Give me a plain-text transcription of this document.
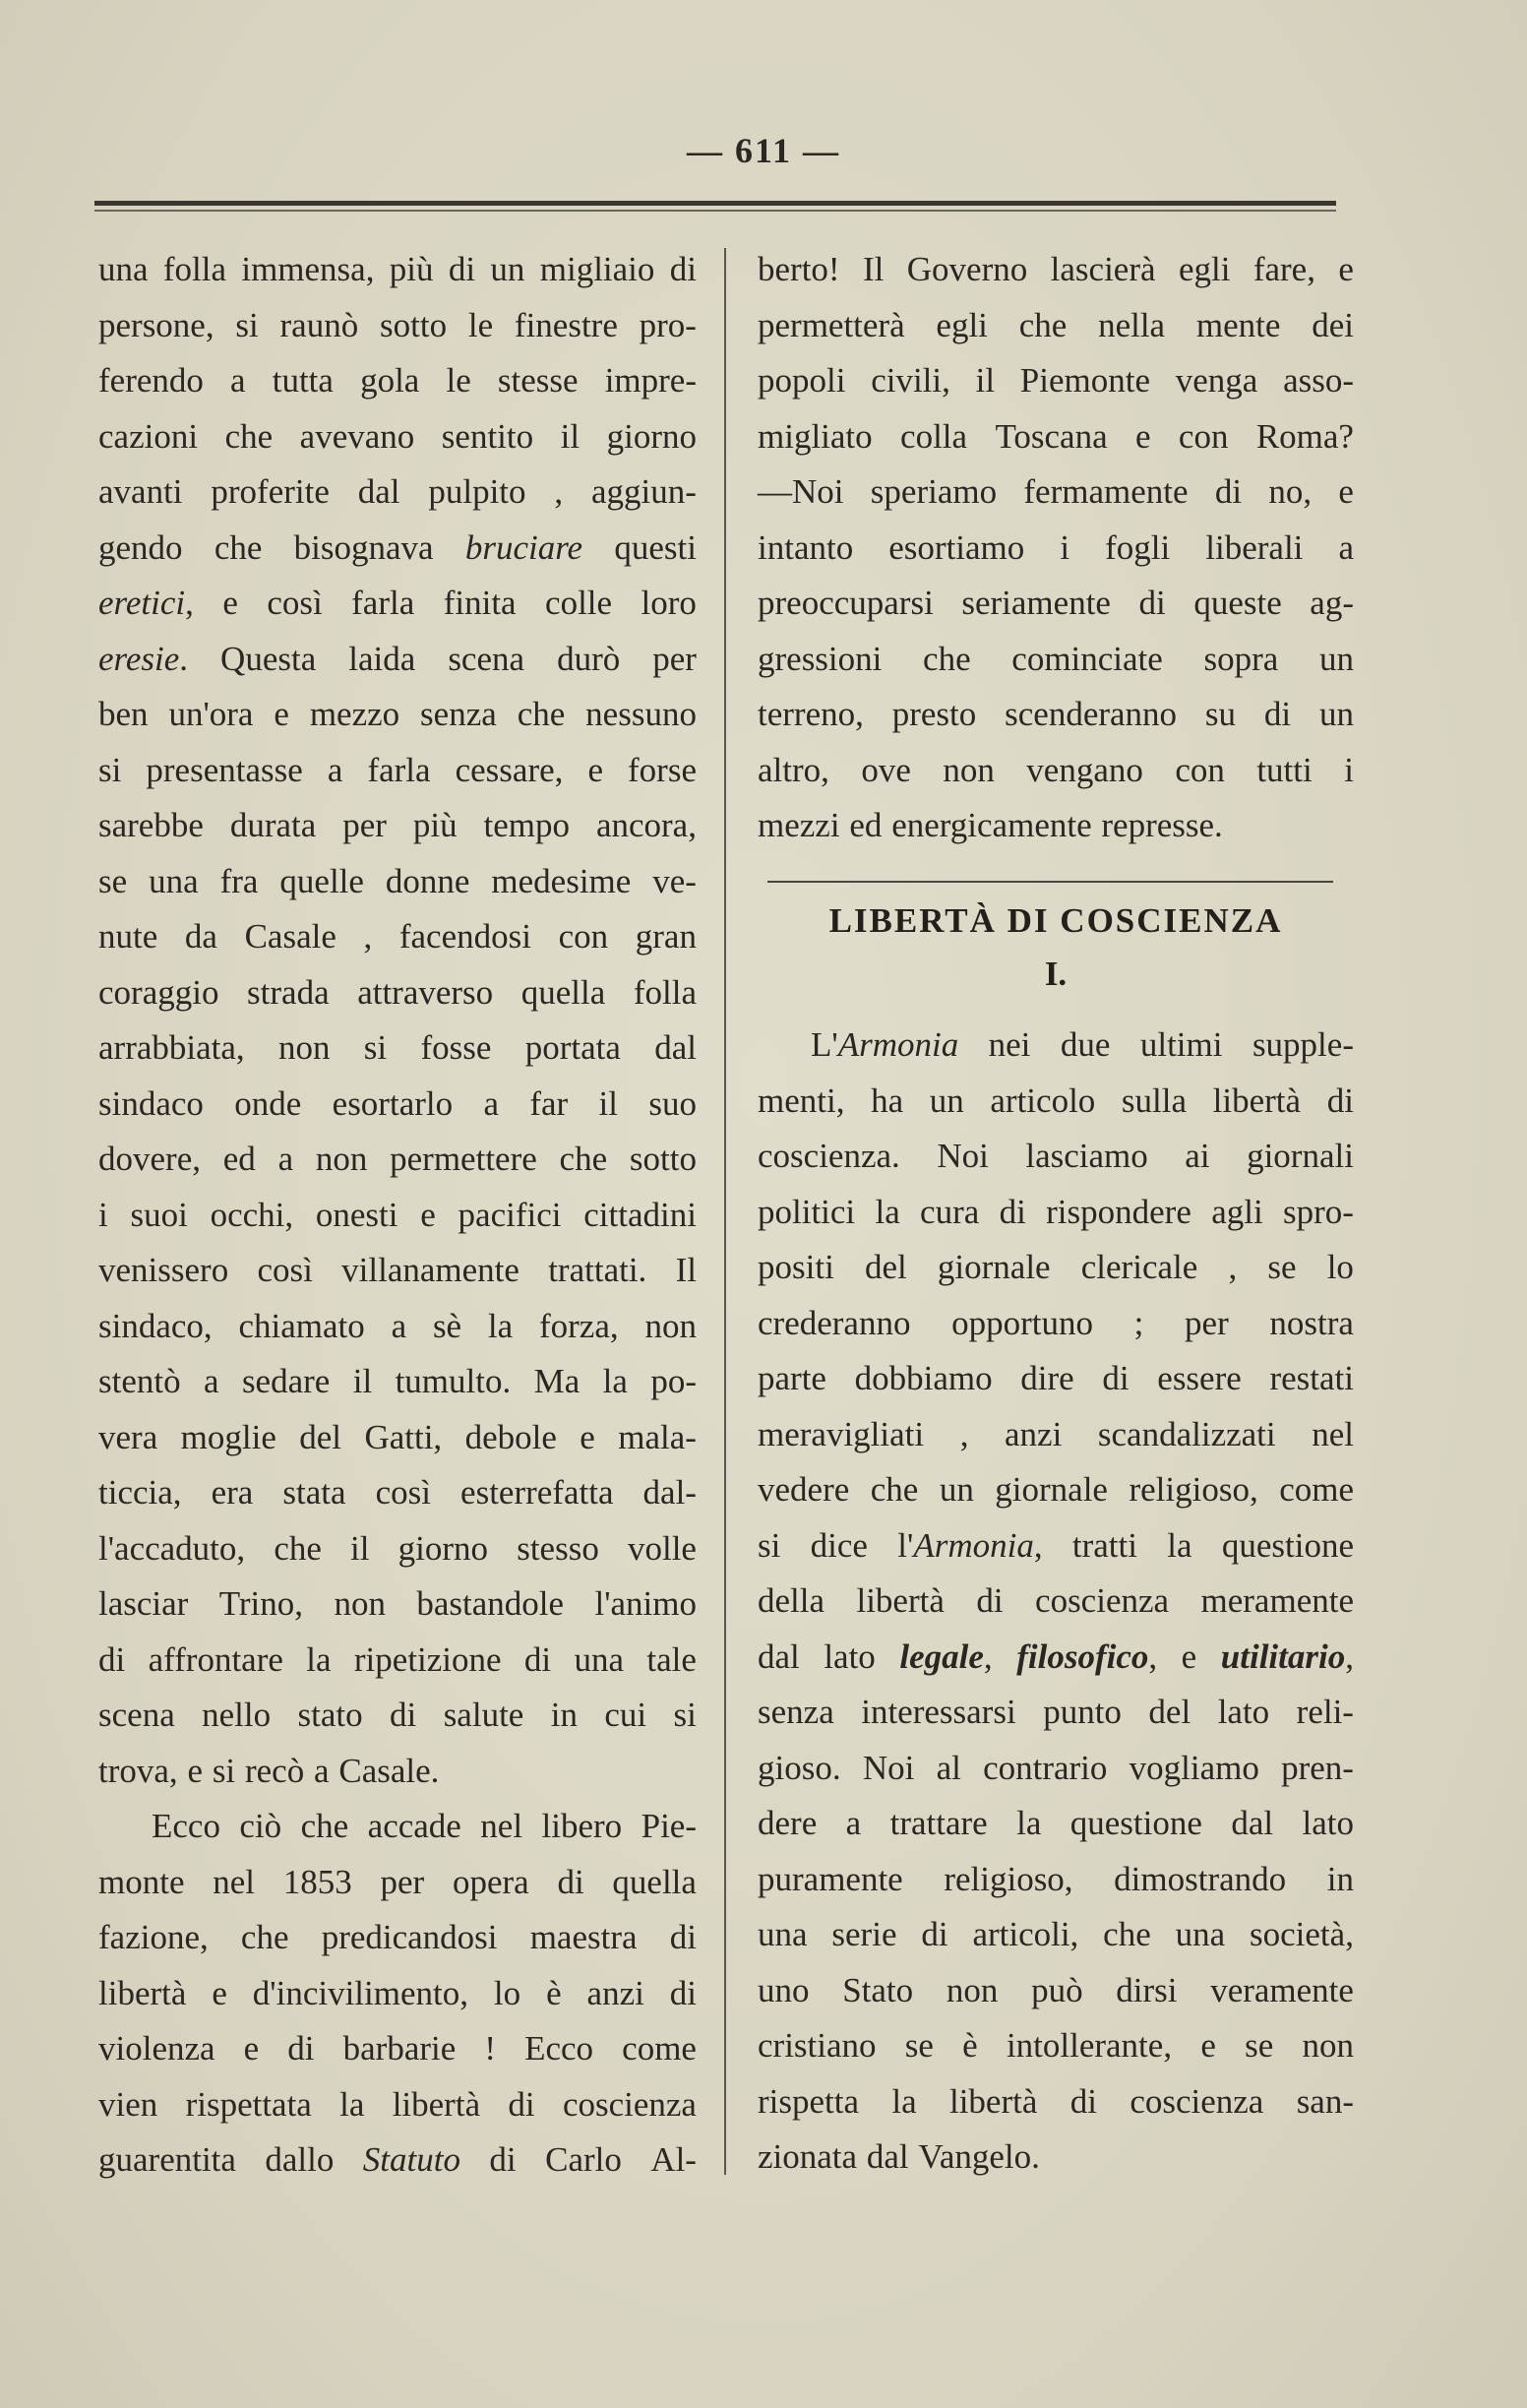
— 611 —
una folla immensa, più di un migliaio di
persone, si raunò sotto le finestre pro-
ferendo a tutta gola le stesse impre-
cazioni che avevano sentito il giorno
avanti proferite dal pulpito , aggiun-
gendo che bisognava bruciare questi
eretici, e così farla finita colle loro
eresie. Questa laida scena durò per
ben un'ora e mezzo senza che nessuno
si presentasse a farla cessare, e forse
sarebbe durata per più tempo ancora,
se una fra quelle donne medesime ve-
nute da Casale , facendosi con gran
coraggio strada attraverso quella folla
arrabbiata, non si fosse portata dal
sindaco onde esortarlo a far il suo
dovere, ed a non permettere che sotto
i suoi occhi, onesti e pacifici cittadini
venissero così villanamente trattati. Il
sindaco, chiamato a sè la forza, non
stentò a sedare il tumulto. Ma la po-
vera moglie del Gatti, debole e mala-
ticcia, era stata così esterrefatta dal-
l'accaduto, che il giorno stesso volle
lasciar Trino, non bastandole l'animo
di affrontare la ripetizione di una tale
scena nello stato di salute in cui si
trova, e si recò a Casale.
Ecco ciò che accade nel libero Pie-
monte nel 1853 per opera di quella
fazione, che predicandosi maestra di
libertà e d'incivilimento, lo è anzi di
violenza e di barbarie ! Ecco come
vien rispettata la libertà di coscienza
guarentita dallo Statuto di Carlo Al-
berto! Il Governo lascierà egli fare, e
permetterà egli che nella mente dei
popoli civili, il Piemonte venga asso-
migliato colla Toscana e con Roma?
—Noi speriamo fermamente di no, e
intanto esortiamo i fogli liberali a
preoccuparsi seriamente di queste ag-
gressioni che cominciate sopra un
terreno, presto scenderanno su di un
altro, ove non vengano con tutti i
mezzi ed energicamente represse.
LIBERTÀ DI COSCIENZA
I.
L'Armonia nei due ultimi supple-
menti, ha un articolo sulla libertà di
coscienza. Noi lasciamo ai giornali
politici la cura di rispondere agli spro-
positi del giornale clericale , se lo
crederanno opportuno ; per nostra
parte dobbiamo dire di essere restati
meravigliati , anzi scandalizzati nel
vedere che un giornale religioso, come
si dice l'Armonia, tratti la questione
della libertà di coscienza meramente
dal lato legale, filosofico, e utilitario,
senza interessarsi punto del lato reli-
gioso. Noi al contrario vogliamo pren-
dere a trattare la questione dal lato
puramente religioso, dimostrando in
una serie di articoli, che una società,
uno Stato non può dirsi veramente
cristiano se è intollerante, e se non
rispetta la libertà di coscienza san-
zionata dal Vangelo.
